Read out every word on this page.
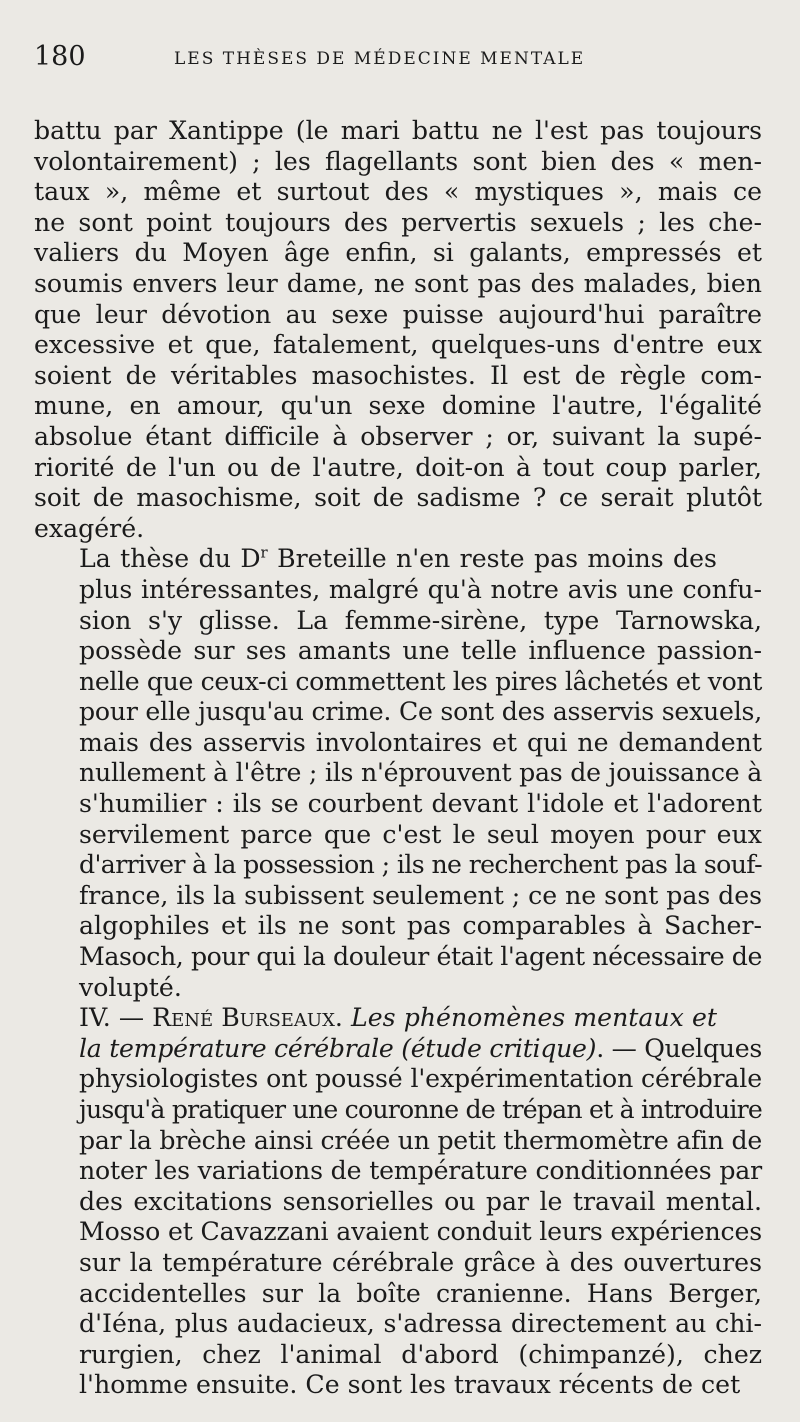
180	LES THÈSES DE MÉDECINE MENTALE

battu par Xantippe (le mari battu ne l'est pas toujours
volontairement) ; les flagellants sont bien des « men-
taux », même et surtout des « mystiques », mais ce
ne sont point toujours des pervertis sexuels ; les che-
valiers du Moyen âge enfin, si galants, empressés et
soumis envers leur dame, ne sont pas des malades, bien
que leur dévotion au sexe puisse aujourd'hui paraître
excessive et que, fatalement, quelques-uns d'entre eux
soient de véritables masochistes. Il est de règle com-
mune, en amour, qu'un sexe domine l'autre, l'égalité
absolue étant difficile à observer ; or, suivant la supé-
riorité de l'un ou de l'autre, doit-on à tout coup parler,
soit de masochisme, soit de sadisme ? ce serait plutôt
exagéré.

La thèse du $D^r$ Breteille n'en reste pas moins des
plus intéressantes, malgré qu'à notre avis une confu-
sion s'y glisse. La femme-sirène, type Tarnowska,
possède sur ses amants une telle influence passion-
nelle que ceux-ci commettent les pires lâchetés et vont
pour elle jusqu'au crime. Ce sont des asservis sexuels,
mais des asservis involontaires et qui ne demandent
nullement à l'être ; ils n'éprouvent pas de jouissance à
s'humilier : ils se courbent devant l'idole et l'adorent
servilement parce que c'est le seul moyen pour eux
d'arriver à la possession ; ils ne recherchent pas la souf-
france, ils la subissent seulement ; ce ne sont pas des
algophiles et ils ne sont pas comparables à Sacher-
Masoch, pour qui la douleur était l'agent nécessaire de
volupté.

IV. — René Burseaux. Les phénomènes mentaux et
la température cérébrale (étude critique). — Quelques
physiologistes ont poussé l'expérimentation cérébrale
jusqu'à pratiquer une couronne de trépan et à introduire
par la brèche ainsi créée un petit thermomètre afin de
noter les variations de température conditionnées par
des excitations sensorielles ou par le travail mental.
Mosso et Cavazzani avaient conduit leurs expériences
sur la température cérébrale grâce à des ouvertures
accidentelles sur la boîte cranienne. Hans Berger,
d'Iéna, plus audacieux, s'adressa directement au chi-
rurgien, chez l'animal d'abord (chimpanzé), chez
l'homme ensuite. Ce sont les travaux récents de cet
